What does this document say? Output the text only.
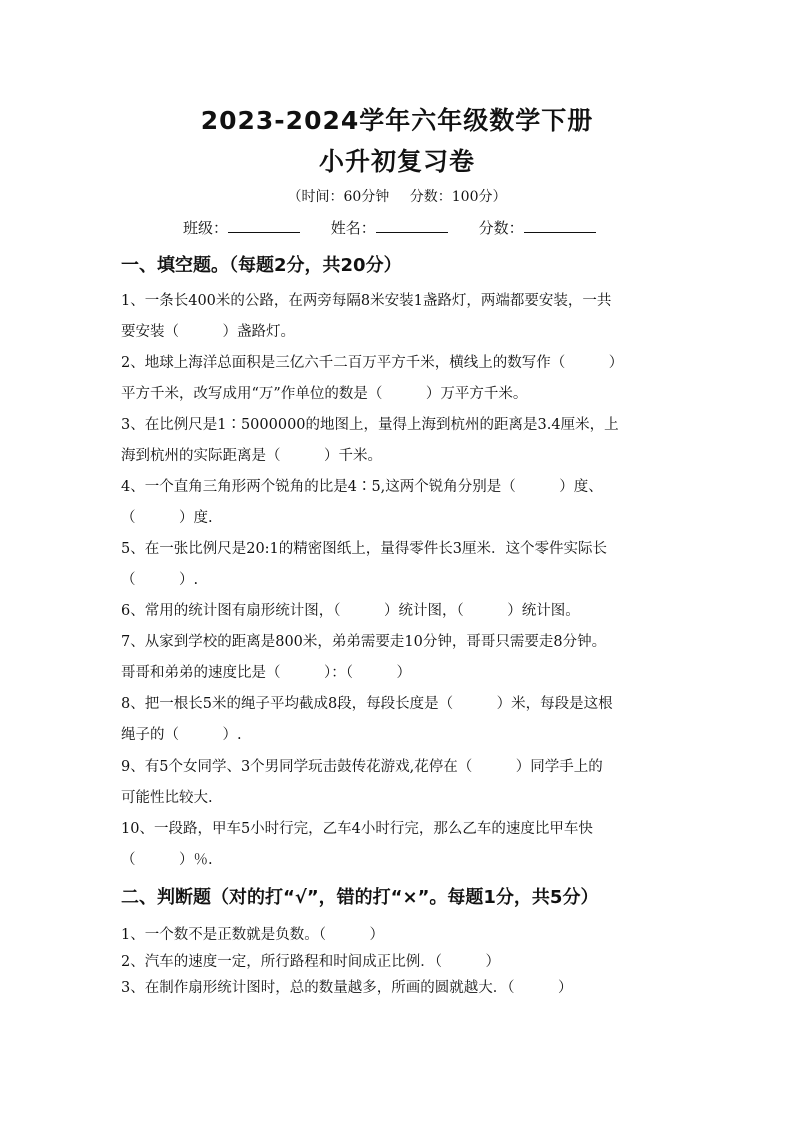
2023-2024学年六年级数学下册
小升初复习卷
（时间：60分钟 分数：100分）
班级：	姓名：	分数：
一、填空题。（每题2分，共20分）
1、一条长400米的公路，在两旁每隔8米安装1盏路灯，两端都要安装，一共
要安装（　　　）盏路灯。
2、地球上海洋总面积是三亿六千二百万平方千米，横线上的数写作（　　　）
平方千米，改写成用“万”作单位的数是（　　　）万平方千米。
3、在比例尺是1∶5000000的地图上，量得上海到杭州的距离是3.4厘米，上
海到杭州的实际距离是（　　　）千米。
4、一个直角三角形两个锐角的比是4∶5,这两个锐角分别是（　　　）度、
（　　　）度.
5、在一张比例尺是20:1的精密图纸上，量得零件长3厘米．这个零件实际长
（　　　）.
6、常用的统计图有扇形统计图，（　　　）统计图，（　　　）统计图。
7、从家到学校的距离是800米，弟弟需要走10分钟，哥哥只需要走8分钟。
哥哥和弟弟的速度比是（　　　）：（　　　）
8、把一根长5米的绳子平均截成8段，每段长度是（　　　）米，每段是这根
绳子的（　　　）.
9、有5个女同学、3个男同学玩击鼓传花游戏,花停在（　　　）同学手上的
可能性比较大.
10、一段路，甲车5小时行完，乙车4小时行完，那么乙车的速度比甲车快
（　　　）％.
二、判断题（对的打“√”，错的打“×”。每题1分，共5分）
1、一个数不是正数就是负数。（　　　）
2、汽车的速度一定，所行路程和时间成正比例．（　　　）
3、在制作扇形统计图时，总的数量越多，所画的圆就越大．（　　　）
